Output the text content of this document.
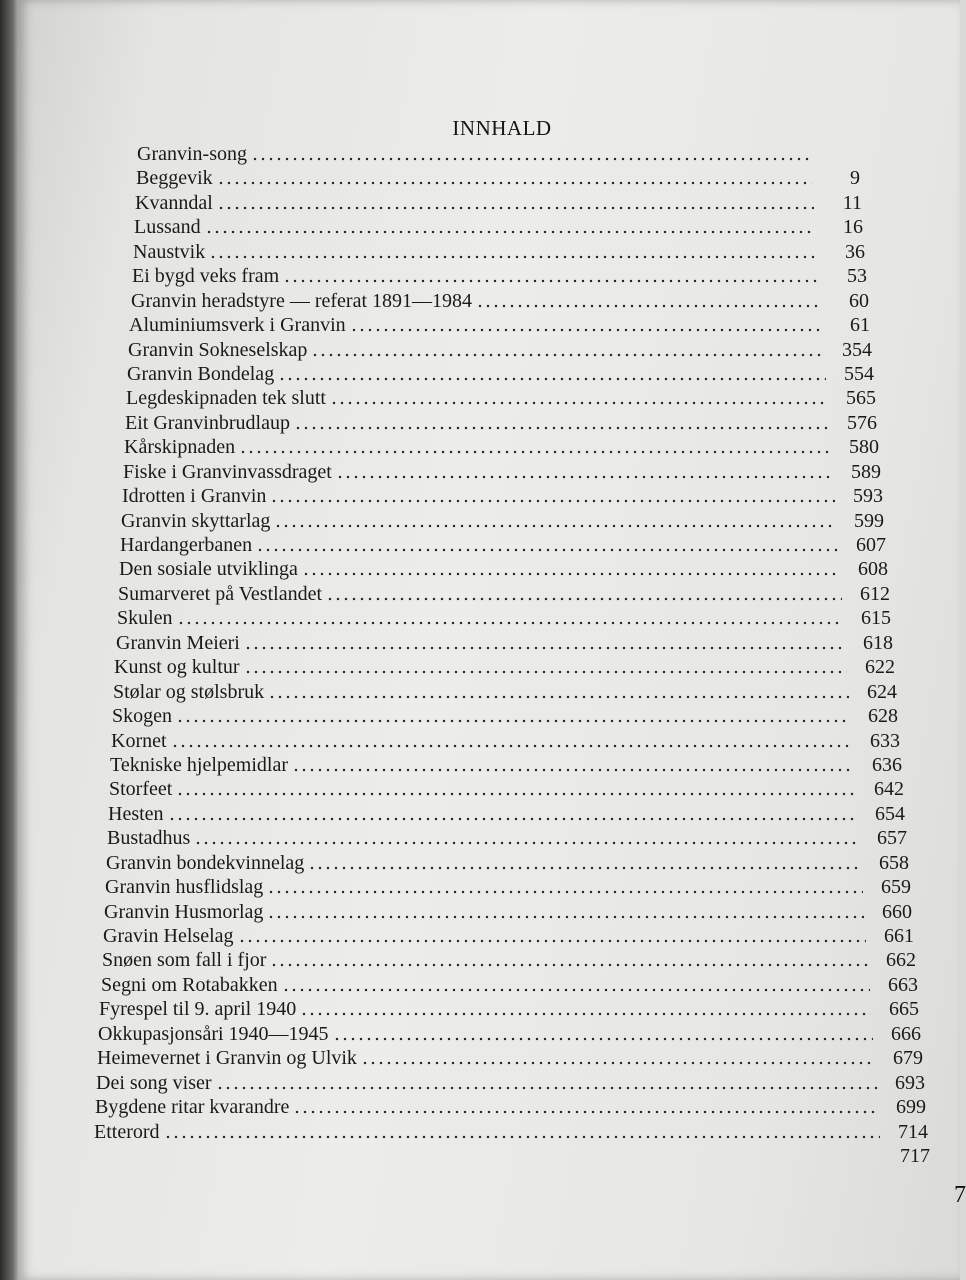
INNHALD
Granvin-song
Beggevik	9
Kvanndal	11
Lussand	16
Naustvik	36
Ei bygd veks fram	53
Granvin heradstyre — referat 1891—1984	60
Aluminiumsverk i Granvin	61
Granvin Sokneselskap	354
Granvin Bondelag	554
Legdeskipnaden tek slutt	565
Eit Granvinbrudlaup	576
Kårskipnaden	580
Fiske i Granvinvassdraget	589
Idrotten i Granvin	593
Granvin skyttarlag	599
Hardangerbanen	607
Den sosiale utviklinga	608
Sumarveret på Vestlandet	612
Skulen	615
Granvin Meieri	618
Kunst og kultur	622
Stølar og stølsbruk	624
Skogen	628
Kornet	633
Tekniske hjelpemidlar	636
Storfeet	642
Hesten	654
Bustadhus	657
Granvin bondekvinnelag	658
Granvin husflidslag	659
Granvin Husmorlag	660
Gravin Helselag	661
Snøen som fall i fjor	662
Segni om Rotabakken	663
Fyrespel til 9. april 1940	665
Okkupasjonsåri 1940—1945	666
Heimevernet i Granvin og Ulvik	679
Dei song viser	693
Bygdene ritar kvarandre	699
Etterord	714
717
7
